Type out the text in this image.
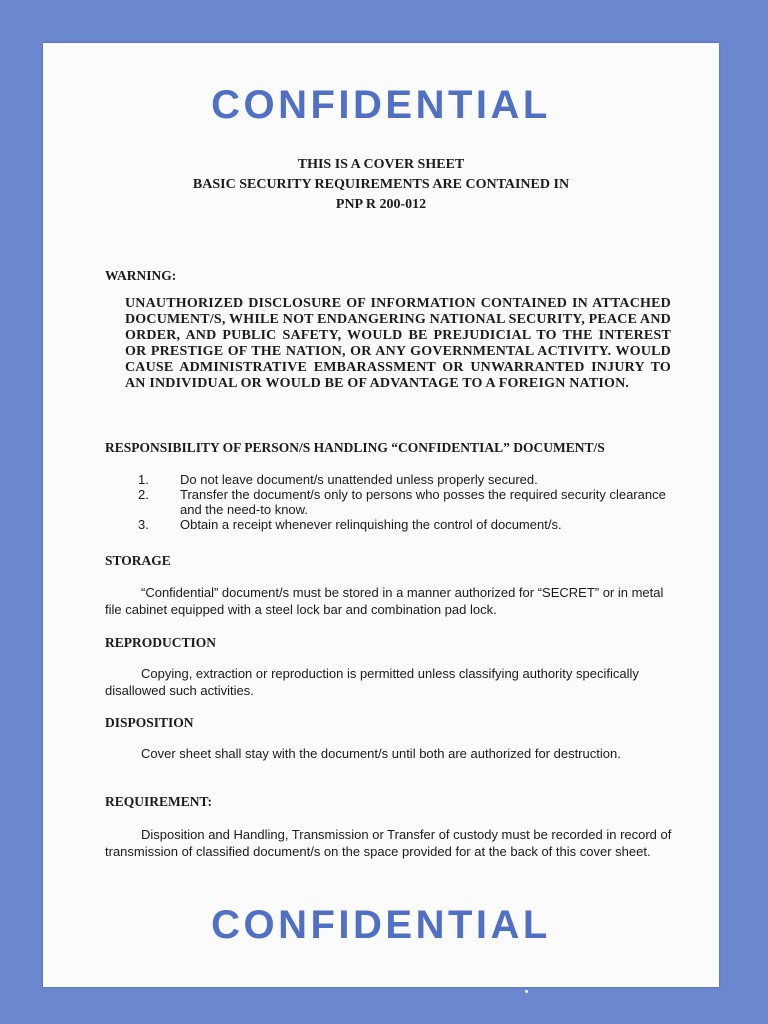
CONFIDENTIAL
THIS IS A COVER SHEET
BASIC SECURITY REQUIREMENTS ARE CONTAINED IN
PNP R 200-012
WARNING:
UNAUTHORIZED DISCLOSURE OF INFORMATION CONTAINED IN ATTACHED DOCUMENT/S, WHILE NOT ENDANGERING NATIONAL SECURITY, PEACE AND ORDER, AND PUBLIC SAFETY, WOULD BE PREJUDICIAL TO THE INTEREST OR PRESTIGE OF THE NATION, OR ANY GOVERNMENTAL ACTIVITY. WOULD CAUSE ADMINISTRATIVE EMBARASSMENT OR UNWARRANTED INJURY TO AN INDIVIDUAL OR WOULD BE OF ADVANTAGE TO A FOREIGN NATION.
RESPONSIBILITY OF PERSON/S HANDLING “CONFIDENTIAL” DOCUMENT/S
1. Do not leave document/s unattended unless properly secured.
2. Transfer the document/s only to persons who posses the required security clearance and the need-to know.
3. Obtain a receipt whenever relinquishing the control of document/s.
STORAGE
“Confidential” document/s must be stored in a manner authorized for “SECRET” or in metal file cabinet equipped with a steel lock bar and combination pad lock.
REPRODUCTION
Copying, extraction or reproduction is permitted unless classifying authority specifically disallowed such activities.
DISPOSITION
Cover sheet shall stay with the document/s until both are authorized for destruction.
REQUIREMENT:
Disposition and Handling, Transmission or Transfer of custody must be recorded in record of transmission of classified document/s on the space provided for at the back of this cover sheet.
CONFIDENTIAL
